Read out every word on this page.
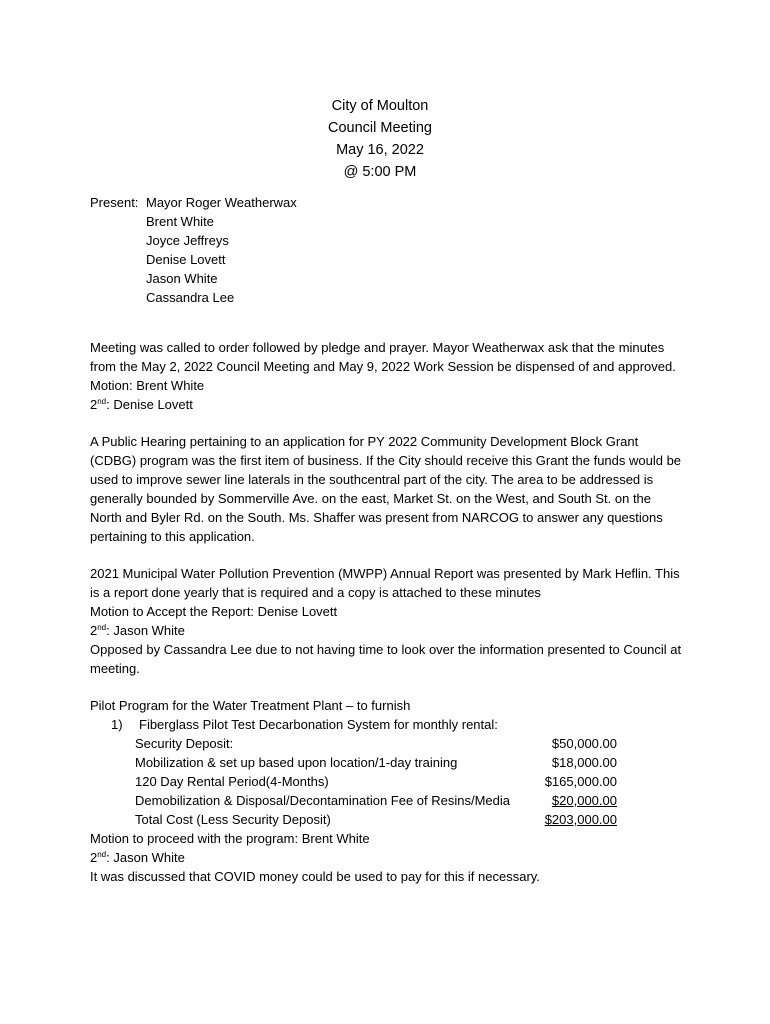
City of Moulton
Council Meeting
May 16, 2022
@ 5:00 PM
Present: Mayor Roger Weatherwax
Brent White
Joyce Jeffreys
Denise Lovett
Jason White
Cassandra Lee

Meeting was called to order followed by pledge and prayer. Mayor Weatherwax ask that the minutes from the May 2, 2022 Council Meeting and May 9, 2022 Work Session be dispensed of and approved.

Motion: Brent White

2nd: Denise Lovett

A Public Hearing pertaining to an application for PY 2022 Community Development Block Grant (CDBG) program was the first item of business. If the City should receive this Grant the funds would be used to improve sewer line laterals in the southcentral part of the city. The area to be addressed is generally bounded by Sommerville Ave. on the east, Market St. on the West, and South St. on the North and Byler Rd. on the South. Ms. Shaffer was present from NARCOG to answer any questions pertaining to this application.

2021 Municipal Water Pollution Prevention (MWPP) Annual Report was presented by Mark Heflin. This is a report done yearly that is required and a copy is attached to these minutes

Motion to Accept the Report: Denise Lovett

2nd: Jason White

Opposed by Cassandra Lee due to not having time to look over the information presented to Council at meeting.

Pilot Program for the Water Treatment Plant – to furnish

1)	Fiberglass Pilot Test Decarbonation System for monthly rental:
Security Deposit:	$50,000.00
Mobilization & set up based upon location/1-day training	$18,000.00
120 Day Rental Period(4-Months)	$165,000.00
Demobilization & Disposal/Decontamination Fee of Resins/Media	$20,000.00
Total Cost (Less Security Deposit)	$203,000.00

Motion to proceed with the program: Brent White

2nd: Jason White

It was discussed that COVID money could be used to pay for this if necessary.
